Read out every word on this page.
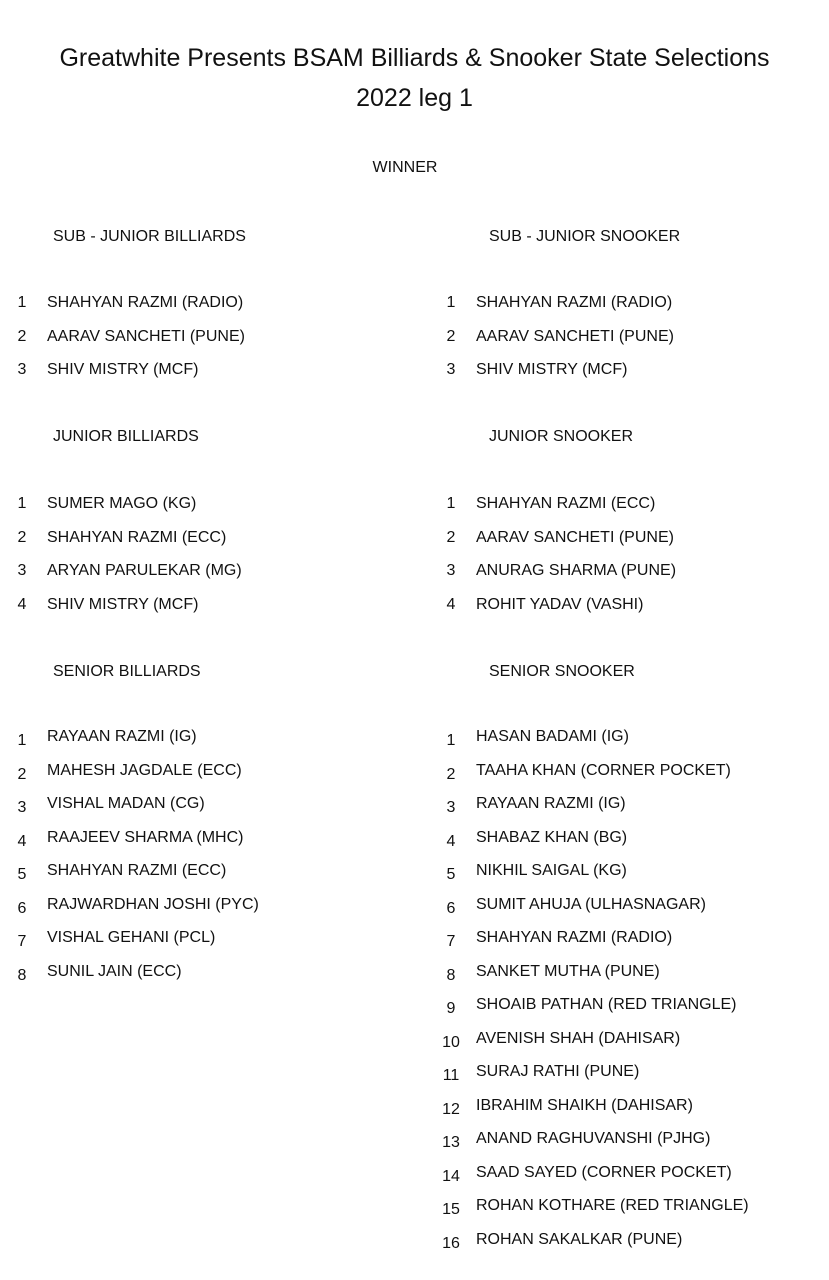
Greatwhite Presents BSAM Billiards & Snooker State Selections
2022 leg 1
WINNER
SUB - JUNIOR BILLIARDS	SUB - JUNIOR SNOOKER
JUNIOR BILLIARDS	JUNIOR SNOOKER
SENIOR BILLIARDS	SENIOR SNOOKER
1	SHAHYAN RAZMI (RADIO)
2	AARAV SANCHETI (PUNE)
3	SHIV MISTRY (MCF)
1	SHAHYAN RAZMI (RADIO)
2	AARAV SANCHETI (PUNE)
3	SHIV MISTRY (MCF)
1	SUMER MAGO (KG)
2	SHAHYAN RAZMI (ECC)
3	ARYAN PARULEKAR (MG)
4	SHIV MISTRY (MCF)
1	SHAHYAN RAZMI (ECC)
2	AARAV SANCHETI (PUNE)
3	ANURAG SHARMA (PUNE)
4	ROHIT YADAV (VASHI)
1	RAYAAN RAZMI (IG)
2	MAHESH JAGDALE (ECC)
3	VISHAL MADAN (CG)
4	RAAJEEV SHARMA (MHC)
5	SHAHYAN RAZMI (ECC)
6	RAJWARDHAN JOSHI (PYC)
7	VISHAL GEHANI (PCL)
8	SUNIL JAIN (ECC)
1	HASAN BADAMI (IG)
2	TAAHA KHAN (CORNER POCKET)
3	RAYAAN RAZMI (IG)
4	SHABAZ KHAN (BG)
5	NIKHIL SAIGAL (KG)
6	SUMIT AHUJA (ULHASNAGAR)
7	SHAHYAN RAZMI (RADIO)
8	SANKET MUTHA (PUNE)
9	SHOAIB PATHAN (RED TRIANGLE)
10 AVENISH SHAH (DAHISAR)
11 SURAJ RATHI (PUNE)
12 IBRAHIM SHAIKH (DAHISAR)
13 ANAND RAGHUVANSHI (PJHG)
14 SAAD SAYED (CORNER POCKET)
15 ROHAN KOTHARE (RED TRIANGLE)
16 ROHAN SAKALKAR (PUNE)
